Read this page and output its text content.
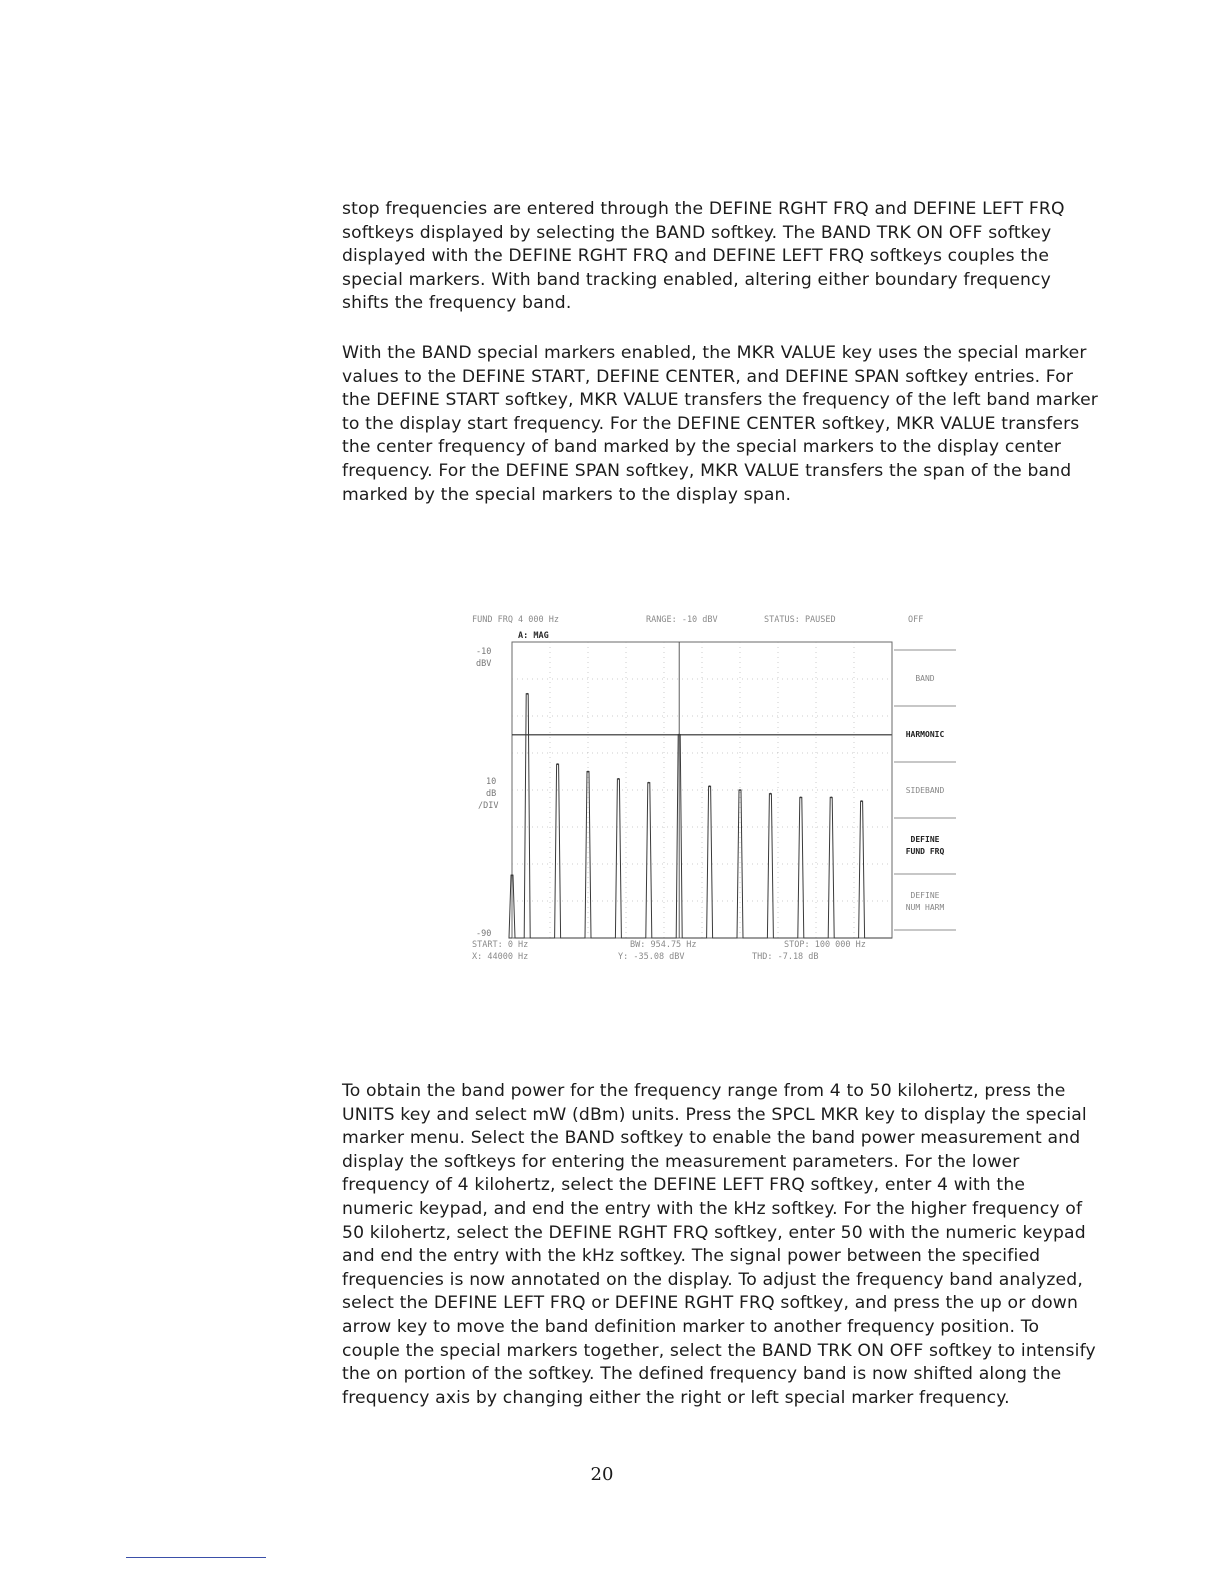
stop frequencies are entered through the DEFINE RGHT FRQ and DEFINE LEFT FRQ softkeys displayed by selecting the BAND softkey. The BAND TRK ON OFF softkey displayed with the DEFINE RGHT FRQ and DEFINE LEFT FRQ softkeys couples the special markers. With band tracking enabled, altering either boundary frequency shifts the frequency band.

With the BAND special markers enabled, the MKR VALUE key uses the special marker values to the DEFINE START, DEFINE CENTER, and DEFINE SPAN softkey entries. For the DEFINE START softkey, MKR VALUE transfers the frequency of the left band marker to the display start frequency. For the DEFINE CENTER softkey, MKR VALUE transfers the center frequency of band marked by the special markers to the display center frequency. For the DEFINE SPAN softkey, MKR VALUE transfers the span of the band marked by the special markers to the display span.

FUND FRQ 4 000 Hz	RANGE: -10 dBV	STATUS: PAUSED	OFF
A: MAG
-10
dBV
10
dB
/DIV
-90
BAND
HARMONIC
SIDEBAND
DEFINE
FUND FRQ
DEFINE
NUM HARM
START: 0 Hz	BW: 954.75 Hz	STOP: 100 000 Hz
X: 44000 Hz	Y: -35.08 dBV	THD: -7.18 dB

To obtain the band power for the frequency range from 4 to 50 kilohertz, press the UNITS key and select mW (dBm) units. Press the SPCL MKR key to display the special marker menu. Select the BAND softkey to enable the band power measurement and display the softkeys for entering the measurement parameters. For the lower frequency of 4 kilohertz, select the DEFINE LEFT FRQ softkey, enter 4 with the numeric keypad, and end the entry with the kHz softkey. For the higher frequency of 50 kilohertz, select the DEFINE RGHT FRQ softkey, enter 50 with the numeric keypad and end the entry with the kHz softkey. The signal power between the specified frequencies is now annotated on the display. To adjust the frequency band analyzed, select the DEFINE LEFT FRQ or DEFINE RGHT FRQ softkey, and press the up or down arrow key to move the band definition marker to another frequency position. To couple the special markers together, select the BAND TRK ON OFF softkey to intensify the on portion of the softkey. The defined frequency band is now shifted along the frequency axis by changing either the right or left special marker frequency.

20
